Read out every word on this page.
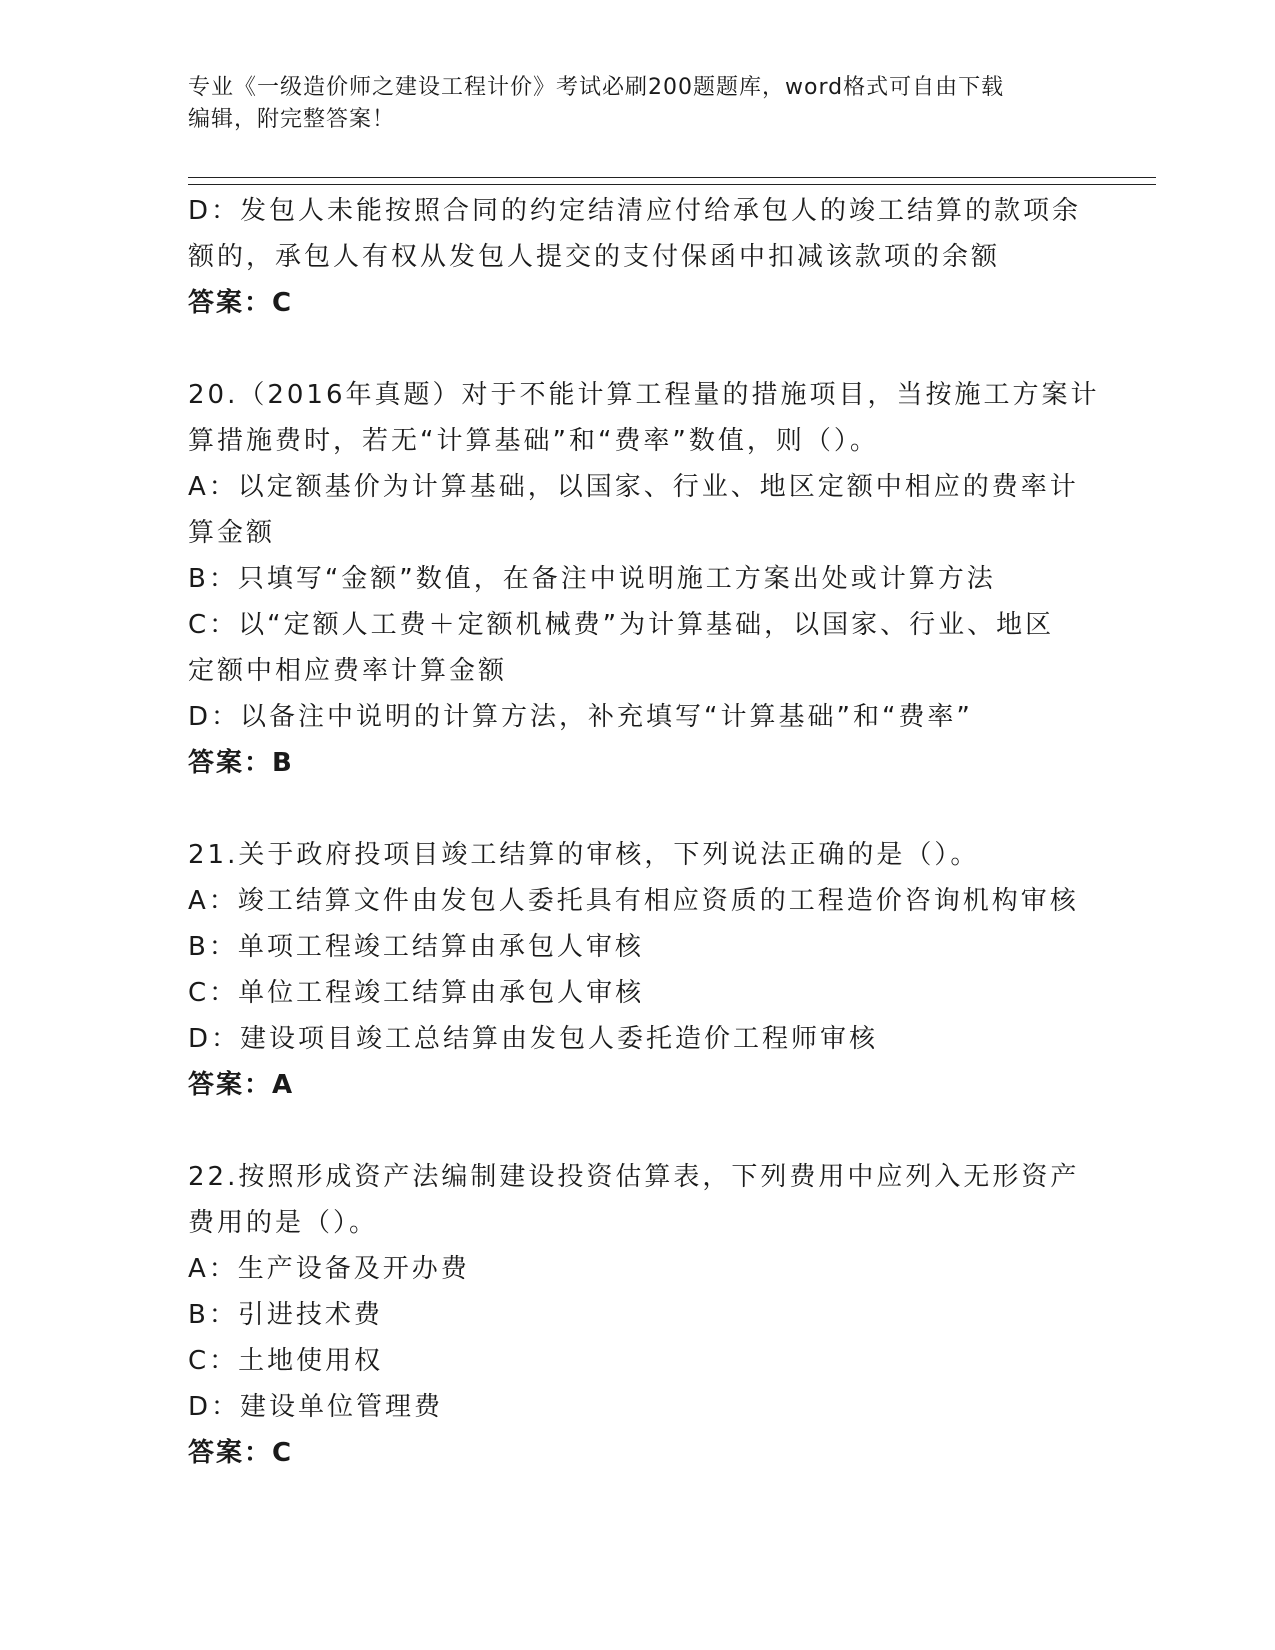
专业《一级造价师之建设工程计价》考试必刷200题题库，word格式可自由下载
编辑，附完整答案！
D：发包人未能按照合同的约定结清应付给承包人的竣工结算的款项余
额的，承包人有权从发包人提交的支付保函中扣减该款项的余额
答案：C
20.（2016年真题）对于不能计算工程量的措施项目，当按施工方案计
算措施费时，若无“计算基础”和“费率”数值，则（）。
A：以定额基价为计算基础，以国家、行业、地区定额中相应的费率计
算金额
B：只填写“金额”数值，在备注中说明施工方案出处或计算方法
C：以“定额人工费＋定额机械费”为计算基础，以国家、行业、地区
定额中相应费率计算金额
D：以备注中说明的计算方法，补充填写“计算基础”和“费率”
答案：B
21.关于政府投项目竣工结算的审核，下列说法正确的是（）。
A：竣工结算文件由发包人委托具有相应资质的工程造价咨询机构审核
B：单项工程竣工结算由承包人审核
C：单位工程竣工结算由承包人审核
D：建设项目竣工总结算由发包人委托造价工程师审核
答案：A
22.按照形成资产法编制建设投资估算表，下列费用中应列入无形资产
费用的是（）。
A：生产设备及开办费
B：引进技术费
C：土地使用权
D：建设单位管理费
答案：C
